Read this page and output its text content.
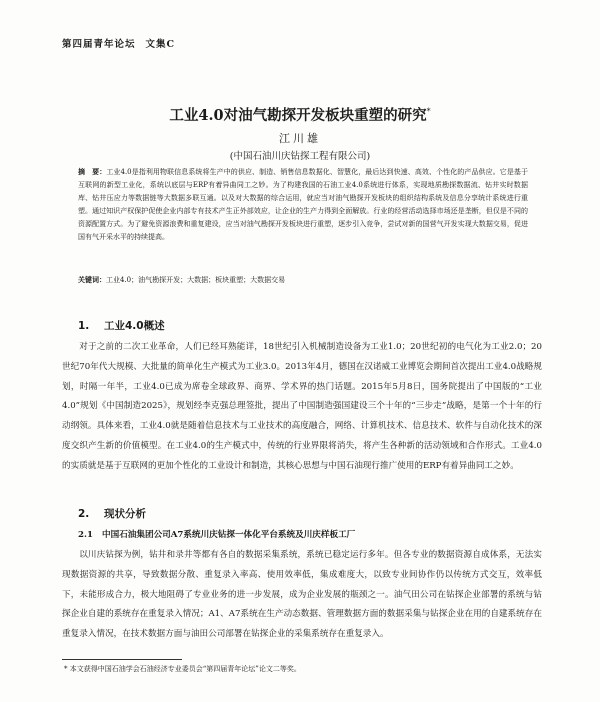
第四届青年论坛 文集C
工业4.0对油气勘探开发板块重塑的研究*
江川雄
(中国石油川庆钻探工程有限公司)
摘　要：工业4.0是指利用物联信息系统将生产中的供应、制造、销售信息数据化、智慧化，最后达到快速、高效、个性化的产品供应。它是基于互联网的新型工业化，系统以底层与ERP有着异曲同工之妙。为了构建我国的石油工业4.0系统进行体系，实现地质勘探数据流、钻井实时数据库、钻井压应力等数据链等大数据多联互通。以及对大数据的综合运用，就应当对油气勘探开发板块的组织结构系统及信息分享统计系统进行重塑。通过知识产权保护促使企业内部专有技术产生正外部效应，让企业的生产力得到全面解放。行业的经营活动选择市场还是垄断，但仅是不同的资源配置方式。为了避免资源浪费和重复建设，应当对油气勘探开发板块进行重塑，逐步引入竞争，尝试对新的国营气开发实现大数据交易，促进国有气开采水平的持续提高。
关键词：工业4.0；油气勘探开发；大数据；板块重塑；大数据交易
1. 工业4.0概述

对于之前的二次工业革命，人们已经耳熟能详，18世纪引入机械制造设备为工业1.0；20世纪初的电气化为工业2.0；20世纪70年代大规模、大批量的简单化生产模式为工业3.0。2013年4月，德国在汉诺威工业博览会期间首次提出工业4.0战略规划，时隔一年半，工业4.0已成为席卷全球政界、商界、学术界的热门话题。2015年5月8日，国务院提出了中国版的“工业4.0”规划《中国制造2025》，规划经李克强总理签批，提出了中国制造强国建设三个十年的“三步走”战略，是第一个十年的行动纲领。具体来看，工业4.0就是随着信息技术与工业技术的高度融合，网络、计算机技术、信息技术、软件与自动化技术的深度交织产生新的价值模型。在工业4.0的生产模式中，传统的行业界限将消失，将产生各种新的活动领域和合作形式。工业4.0的实质就是基于互联网的更加个性化的工业设计和制造，其核心思想与中国石油现行推广使用的ERP有着异曲同工之妙。

2. 现状分析
2.1 中国石油集团公司A7系统川庆钻探一体化平台系统及川庆样板工厂

以川庆钻探为例，钻井和录井等都有各自的数据采集系统，系统已稳定运行多年。但各专业的数据资源自成体系，无法实现数据资源的共享，导致数据分散、重复录入率高、使用效率低，集成难度大，以致专业间协作仍以传统方式交互，效率低下，未能形成合力，极大地阻碍了专业业务的进一步发展，成为企业发展的瓶颈之一。油气田公司在钻探企业部署的系统与钻探企业自建的系统存在重复录入情况；A1、A7系统在生产动态数据、管理数据方面的数据采集与钻探企业在用的自建系统存在重复录入情况，在技术数据方面与油田公司部署在钻探企业的采集系统存在重复录入。

* 本文获得中国石油学会石油经济专业委员会“第四届青年论坛”论文二等奖。
